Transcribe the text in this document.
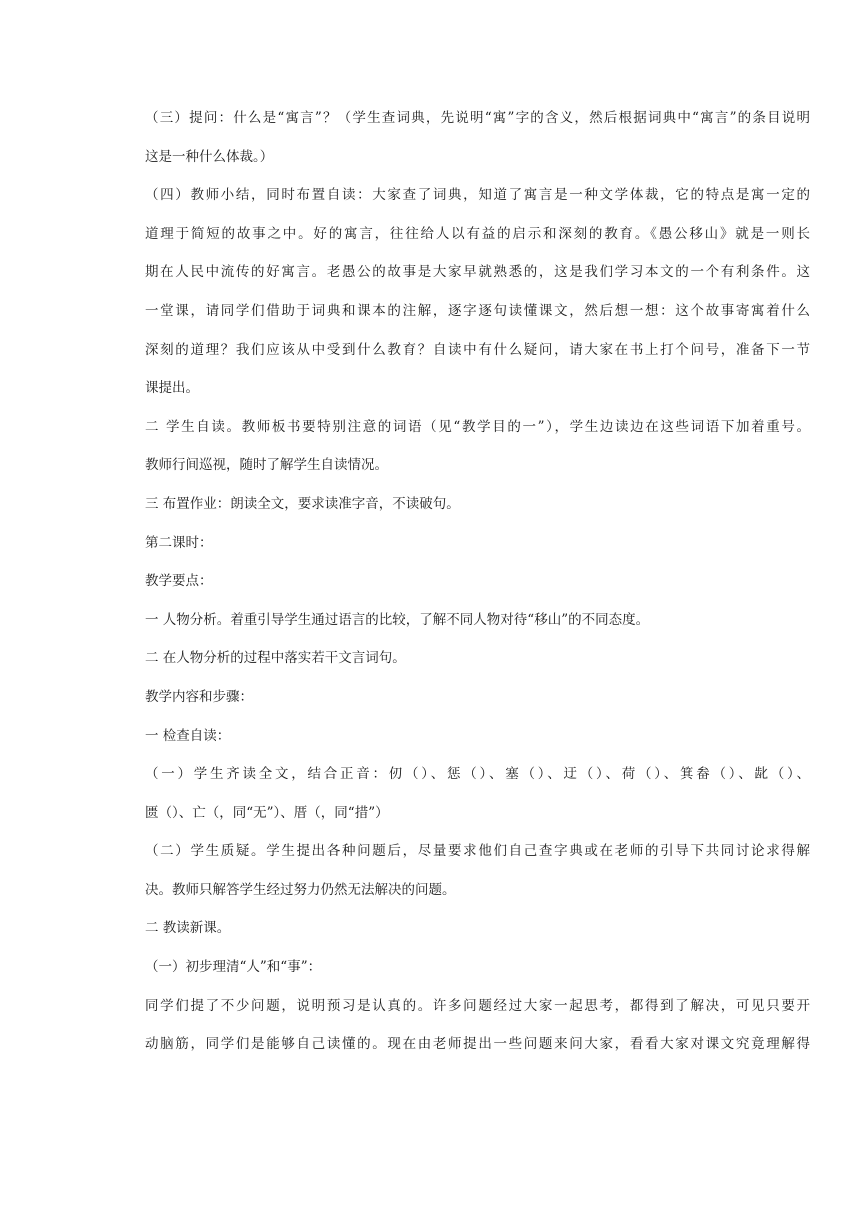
（三）提问：什么是“寓言”？（学生查词典，先说明“寓”字的含义，然后根据词典中“寓言”的条目说明
这是一种什么体裁。）
（四）教师小结，同时布置自读：大家查了词典，知道了寓言是一种文学体裁，它的特点是寓一定的
道理于简短的故事之中。好的寓言，往往给人以有益的启示和深刻的教育。《愚公移山》就是一则长
期在人民中流传的好寓言。老愚公的故事是大家早就熟悉的，这是我们学习本文的一个有利条件。这
一堂课，请同学们借助于词典和课本的注解，逐字逐句读懂课文，然后想一想：这个故事寄寓着什么
深刻的道理？我们应该从中受到什么教育？自读中有什么疑问，请大家在书上打个问号，准备下一节
课提出。
二 学生自读。教师板书要特别注意的词语（见“教学目的一”），学生边读边在这些词语下加着重号。
教师行间巡视，随时了解学生自读情况。
三 布置作业：朗读全文，要求读准字音，不读破句。
第二课时：
教学要点：
一 人物分析。着重引导学生通过语言的比较，了解不同人物对待“移山”的不同态度。
二 在人物分析的过程中落实若干文言词句。
教学内容和步骤：
一 检查自读：
（一）学生齐读全文，结合正音：仞（）、惩（）、塞（）、迂（）、荷（）、箕畚（）、龀（）、
匮（）、亡（，同“无”）、厝（，同“措”）
（二）学生质疑。学生提出各种问题后，尽量要求他们自己查字典或在老师的引导下共同讨论求得解
决。教师只解答学生经过努力仍然无法解决的问题。
二 教读新课。
（一）初步理清“人”和“事”：
同学们提了不少问题，说明预习是认真的。许多问题经过大家一起思考，都得到了解决，可见只要开
动脑筋，同学们是能够自己读懂的。现在由老师提出一些问题来问大家，看看大家对课文究竟理解得
